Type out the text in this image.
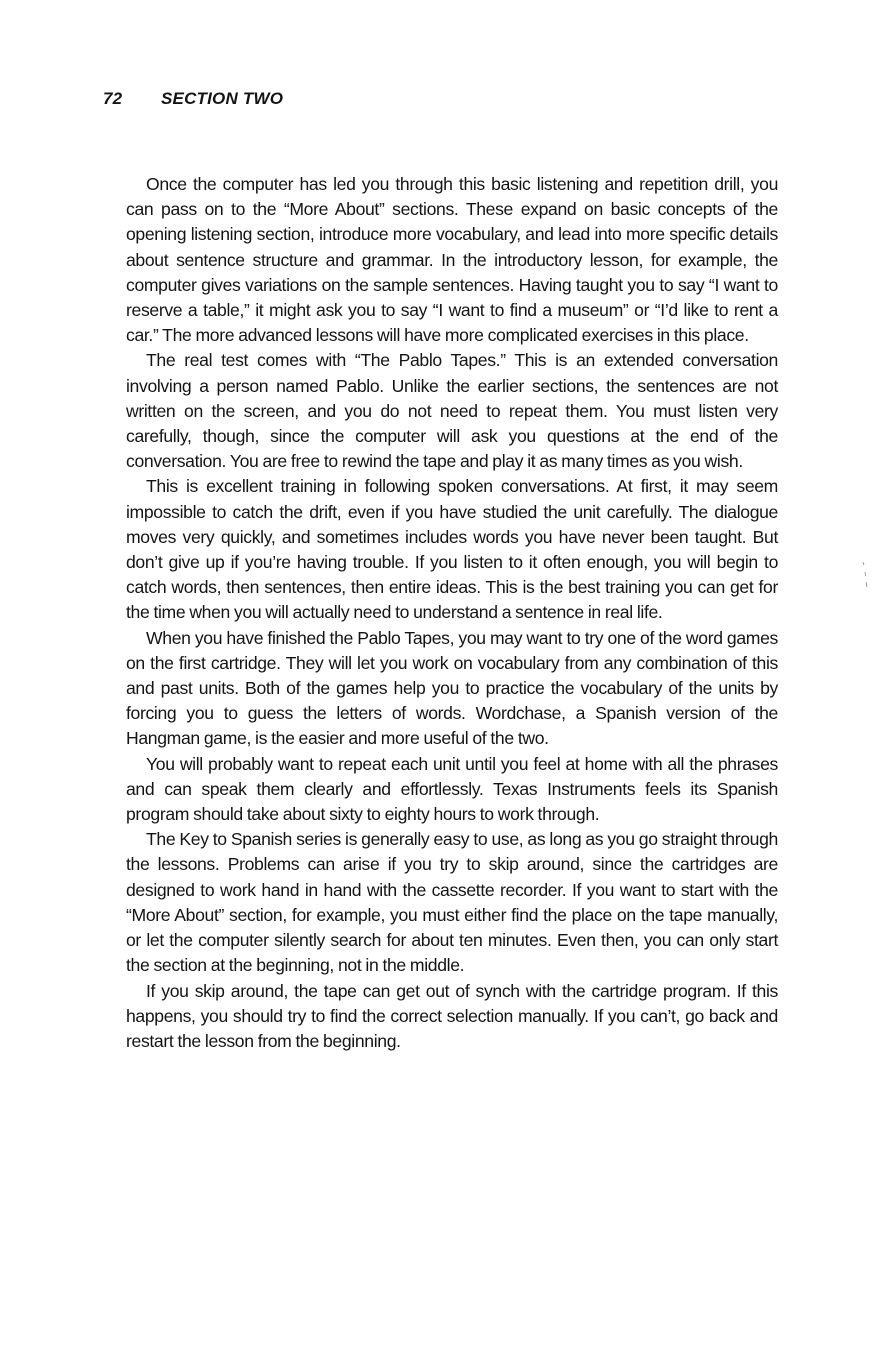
72 SECTION TWO

Once the computer has led you through this basic listening and repetition drill, you can pass on to the “More About” sections. These expand on basic concepts of the opening listening section, introduce more vocabulary, and lead into more specific details about sentence structure and grammar. In the introductory lesson, for example, the computer gives variations on the sample sentences. Having taught you to say “I want to reserve a table,” it might ask you to say “I want to find a museum” or “I’d like to rent a car.” The more advanced lessons will have more complicated exercises in this place.

The real test comes with “The Pablo Tapes.” This is an extended conversation involving a person named Pablo. Unlike the earlier sections, the sentences are not written on the screen, and you do not need to repeat them. You must listen very carefully, though, since the computer will ask you questions at the end of the conversation. You are free to rewind the tape and play it as many times as you wish.

This is excellent training in following spoken conversations. At first, it may seem impossible to catch the drift, even if you have studied the unit carefully. The dialogue moves very quickly, and sometimes includes words you have never been taught. But don’t give up if you’re having trouble. If you listen to it often enough, you will begin to catch words, then sentences, then entire ideas. This is the best training you can get for the time when you will actually need to understand a sentence in real life.

When you have finished the Pablo Tapes, you may want to try one of the word games on the first cartridge. They will let you work on vocabulary from any combination of this and past units. Both of the games help you to practice the vocabulary of the units by forcing you to guess the letters of words. Wordchase, a Spanish version of the Hangman game, is the easier and more useful of the two.

You will probably want to repeat each unit until you feel at home with all the phrases and can speak them clearly and effortlessly. Texas Instruments feels its Spanish program should take about sixty to eighty hours to work through.

The Key to Spanish series is generally easy to use, as long as you go straight through the lessons. Problems can arise if you try to skip around, since the cartridges are designed to work hand in hand with the cassette recorder. If you want to start with the “More About” section, for example, you must either find the place on the tape manually, or let the computer silently search for about ten minutes. Even then, you can only start the section at the beginning, not in the middle.

If you skip around, the tape can get out of synch with the cartridge program. If this happens, you should try to find the correct selection manually. If you can’t, go back and restart the lesson from the beginning.
